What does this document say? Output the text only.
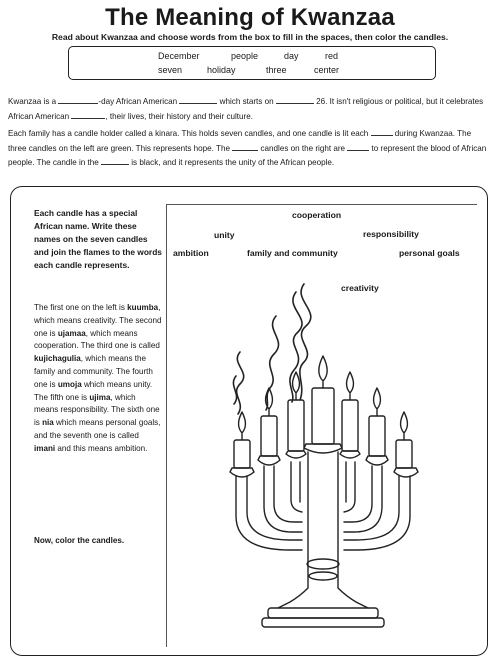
The Meaning of Kwanzaa
Read about Kwanzaa and choose words from the box to fill in the spaces, then color the candles.
December	people	day	red
seven	holiday	three	center
Kwanzaa is a	-day African American	which starts on	26. It isn't religious or political, but it celebrates African American	, their lives, their history and their culture.
Each family has a candle holder called a kinara. This holds seven candles, and one candle is lit each	during Kwanzaa. The three candles on the left are green. This represents hope. The	candles on the right are	to represent the blood of African people. The candle in the	is black, and it represents the unity of the African people.
Each candle has a special African name. Write these names on the seven candles and join the flames to the words each candle represents.
The first one on the left is kuumba, which means creativity. The second one is ujamaa, which means cooperation. The third one is called kujichagulia, which means the family and community. The fourth one is umoja which means unity. The fifth one is ujima, which means responsibility. The sixth one is nia which means personal goals, and the seventh one is called imani and this means ambition.
Now, color the candles.
cooperation
unity	responsibility
ambition	family and community	personal goals
creativity
